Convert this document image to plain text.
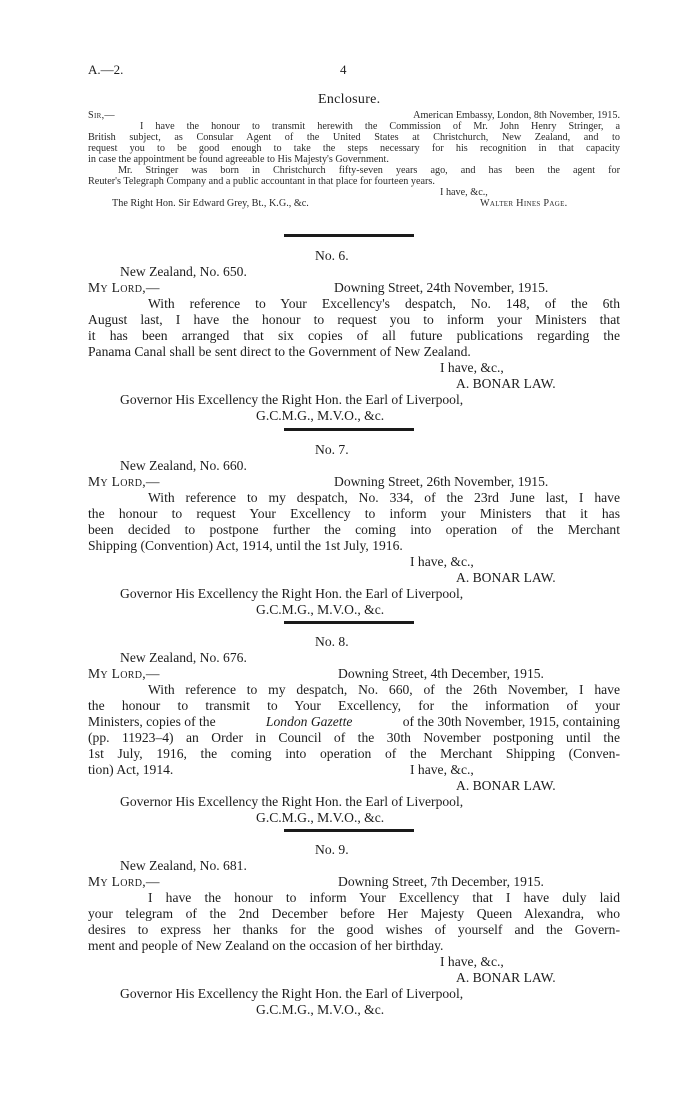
A.—2.	4
Enclosure.
Sir,—	American Embassy, London, 8th November, 1915.
I have the honour to transmit herewith the Commission of Mr. John Henry Stringer, a
British subject, as Consular Agent of the United States at Christchurch, New Zealand, and to
request you to be good enough to take the steps necessary for his recognition in that capacity
in case the appointment be found agreeable to His Majesty's Government.
Mr. Stringer was born in Christchurch fifty-seven years ago, and has been the agent for
Reuter's Telegraph Company and a public accountant in that place for fourteen years.
I have, &c.,
The Right Hon. Sir Edward Grey, Bt., K.G., &c.	Walter Hines Page.
No. 6.
New Zealand, No. 650.
My Lord,—	Downing Street, 24th November, 1915.
With reference to Your Excellency's despatch, No. 148, of the 6th
August last, I have the honour to request you to inform your Ministers that
it has been arranged that six copies of all future publications regarding the
Panama Canal shall be sent direct to the Government of New Zealand.
I have, &c.,
A. BONAR LAW.
Governor His Excellency the Right Hon. the Earl of Liverpool,
G.C.M.G., M.V.O., &c.
No. 7.
New Zealand, No. 660.
My Lord,—	Downing Street, 26th November, 1915.
With reference to my despatch, No. 334, of the 23rd June last, I have
the honour to request Your Excellency to inform your Ministers that it has
been decided to postpone further the coming into operation of the Merchant
Shipping (Convention) Act, 1914, until the 1st July, 1916.
I have, &c.,
A. BONAR LAW.
Governor His Excellency the Right Hon. the Earl of Liverpool,
G.C.M.G., M.V.O., &c.
No. 8.
New Zealand, No. 676.
My Lord,—	Downing Street, 4th December, 1915.
With reference to my despatch, No. 660, of the 26th November, I have
the honour to transmit to Your Excellency, for the information of your
Ministers, copies of the	London Gazette	of the 30th November, 1915, containing
(pp. 11923–4) an Order in Council of the 30th November postponing until the
1st July, 1916, the coming into operation of the Merchant Shipping (Conven-
tion) Act, 1914.	I have, &c.,
A. BONAR LAW.
Governor His Excellency the Right Hon. the Earl of Liverpool,
G.C.M.G., M.V.O., &c.
No. 9.
New Zealand, No. 681.
My Lord,—	Downing Street, 7th December, 1915.
I have the honour to inform Your Excellency that I have duly laid
your telegram of the 2nd December before Her Majesty Queen Alexandra, who
desires to express her thanks for the good wishes of yourself and the Govern-
ment and people of New Zealand on the occasion of her birthday.
I have, &c.,
A. BONAR LAW.
Governor His Excellency the Right Hon. the Earl of Liverpool,
G.C.M.G., M.V.O., &c.
